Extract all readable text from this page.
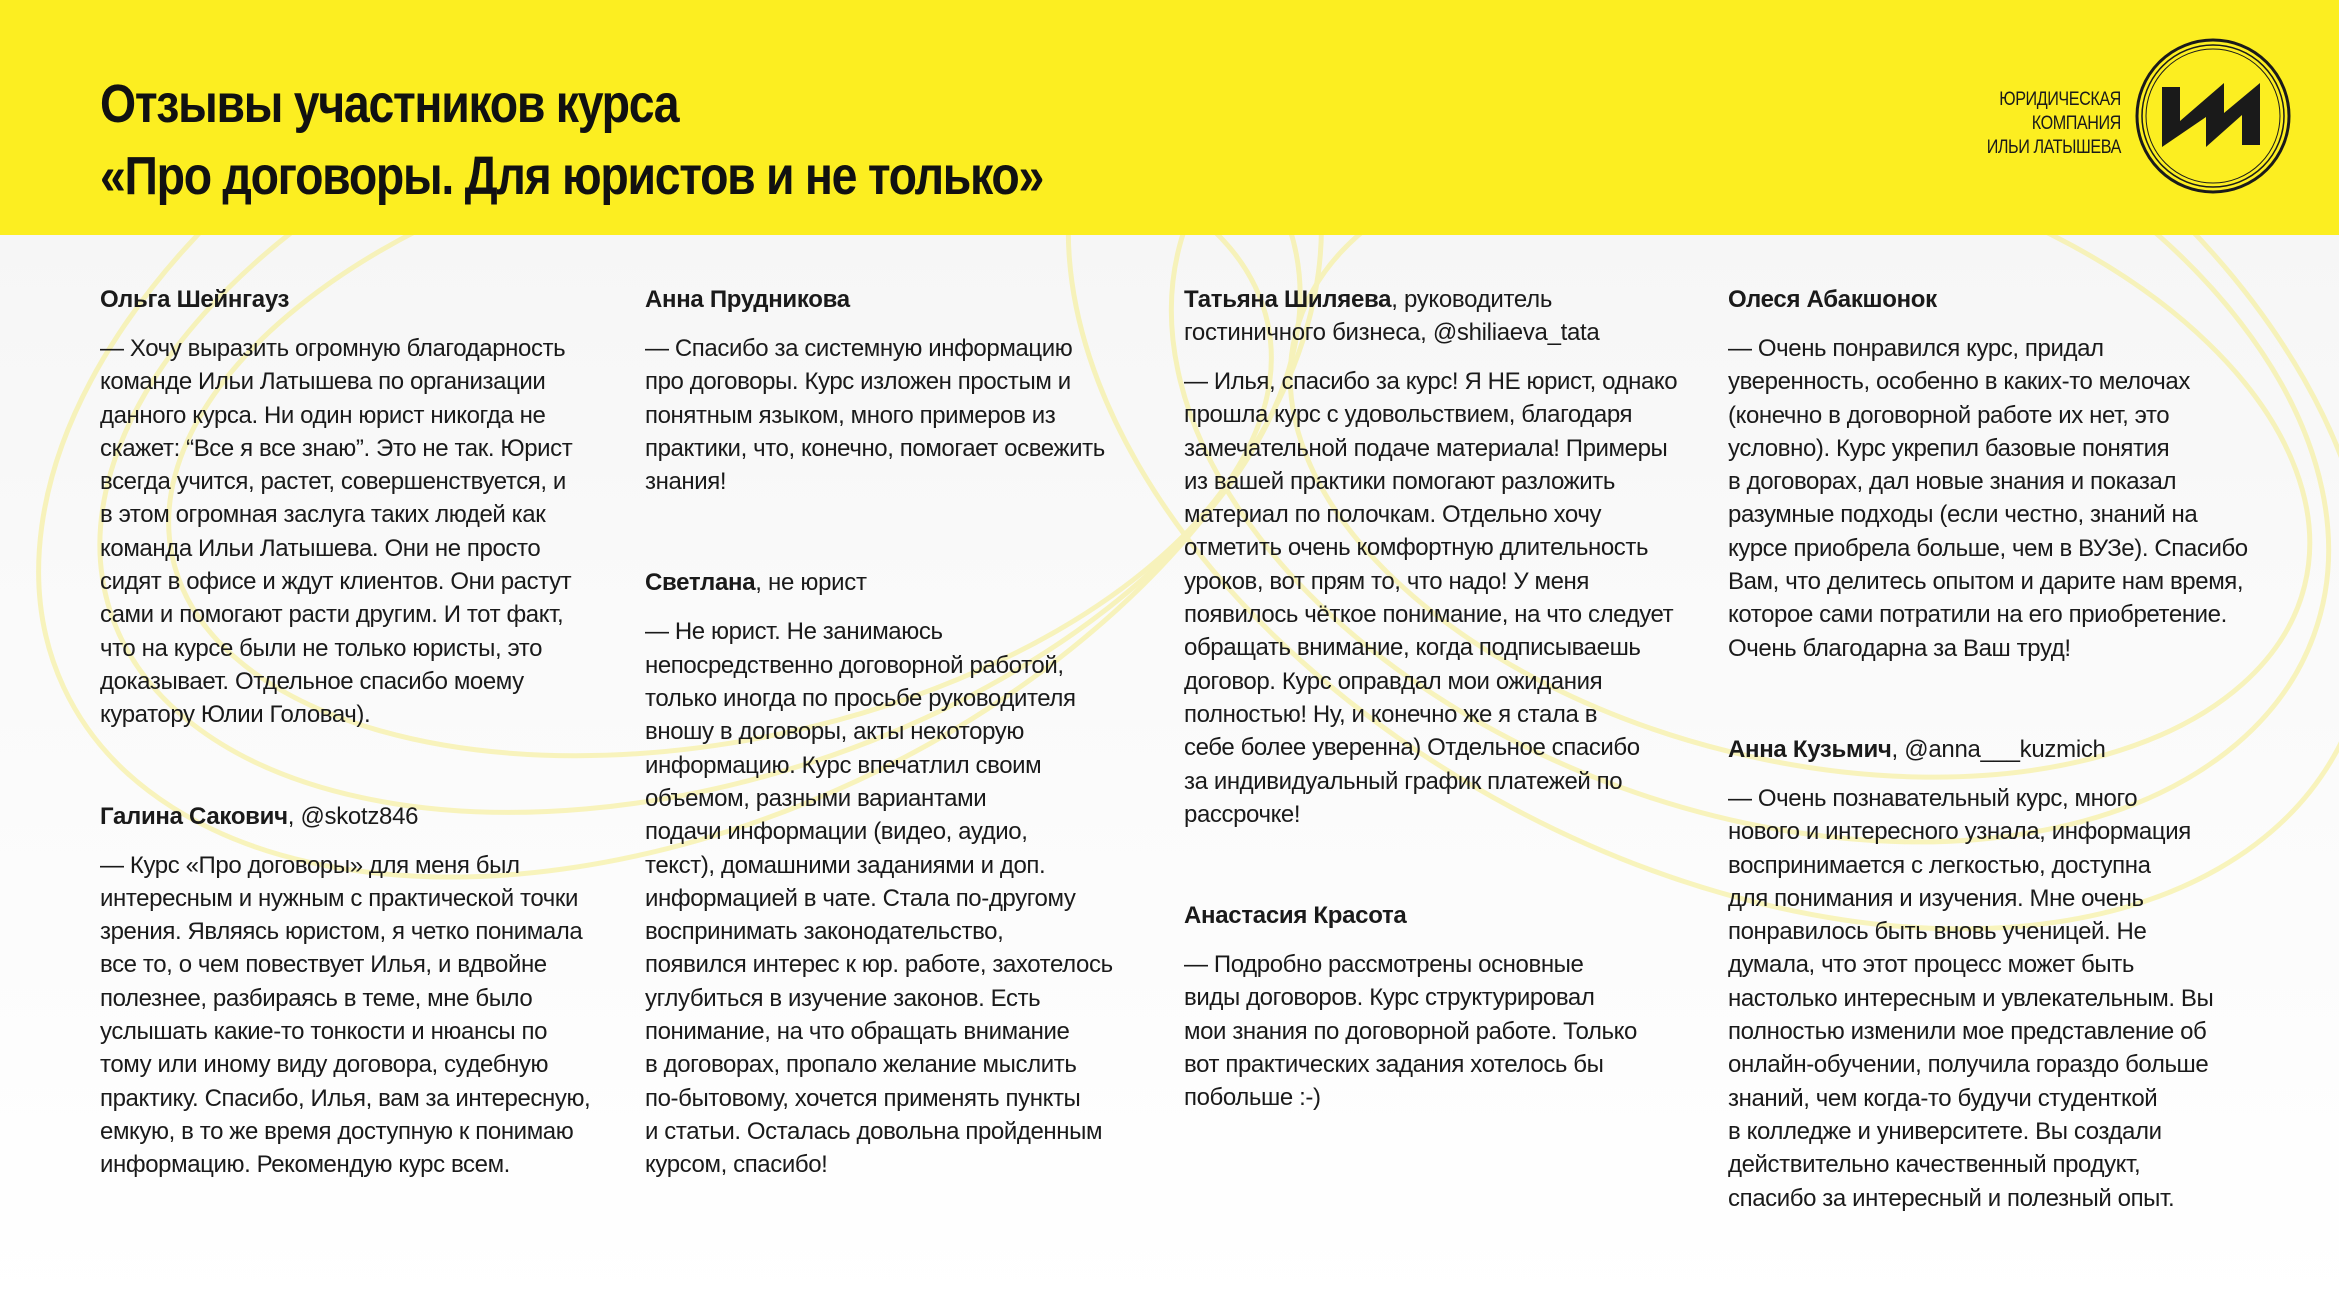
Отзывы участников курса
«Про договоры. Для юристов и не только»
ЮРИДИЧЕСКАЯ
КОМПАНИЯ
ИЛЬИ ЛАТЫШЕВА

Ольга Шейнгауз

— Хочу выразить огромную благодарность
команде Ильи Латышева по организации
данного курса. Ни один юрист никогда не
скажет: “Все я все знаю”. Это не так. Юрист
всегда учится, растет, совершенствуется, и
в этом огромная заслуга таких людей как
команда Ильи Латышева. Они не просто
сидят в офисе и ждут клиентов. Они растут
сами и помогают расти другим. И тот факт,
что на курсе были не только юристы, это
доказывает. Отдельное спасибо моему
куратору Юлии Головач).

Галина Сакович, @skotz846

— Курс «Про договоры» для меня был
интересным и нужным с практической точки
зрения. Являясь юристом, я четко понимала
все то, о чем повествует Илья, и вдвойне
полезнее, разбираясь в теме, мне было
услышать какие-то тонкости и нюансы по
тому или иному виду договора, судебную
практику. Спасибо, Илья, вам за интересную,
емкую, в то же время доступную к понимаю
информацию. Рекомендую курс всем.

Анна Прудникова

— Спасибо за системную информацию
про договоры. Курс изложен простым и
понятным языком, много примеров из
практики, что, конечно, помогает освежить
знания!

Светлана, не юрист

— Не юрист. Не занимаюсь
непосредственно договорной работой,
только иногда по просьбе руководителя
вношу в договоры, акты некоторую
информацию. Курс впечатлил своим
объемом, разными вариантами
подачи информации (видео, аудио,
текст), домашними заданиями и доп.
информацией в чате. Стала по-другому
воспринимать законодательство,
появился интерес к юр. работе, захотелось
углубиться в изучение законов. Есть
понимание, на что обращать внимание
в договорах, пропало желание мыслить
по-бытовому, хочется применять пункты
и статьи. Осталась довольна пройденным
курсом, спасибо!

Татьяна Шиляева, руководитель
гостиничного бизнеса, @shiliaeva_tata

— Илья, спасибо за курс! Я НЕ юрист, однако
прошла курс с удовольствием, благодаря
замечательной подаче материала! Примеры
из вашей практики помогают разложить
материал по полочкам. Отдельно хочу
отметить очень комфортную длительность
уроков, вот прям то, что надо! У меня
появилось чёткое понимание, на что следует
обращать внимание, когда подписываешь
договор. Курс оправдал мои ожидания
полностью! Ну, и конечно же я стала в
себе более уверенна) Отдельное спасибо
за индивидуальный график платежей по
рассрочке!

Анастасия Красота

— Подробно рассмотрены основные
виды договоров. Курс структурировал
мои знания по договорной работе. Только
вот практических задания хотелось бы
побольше :-)

Олеся Абакшонок

— Очень понравился курс, придал
уверенность, особенно в каких-то мелочах
(конечно в договорной работе их нет, это
условно). Курс укрепил базовые понятия
в договорах, дал новые знания и показал
разумные подходы (если честно, знаний на
курсе приобрела больше, чем в ВУЗе). Спасибо
Вам, что делитесь опытом и дарите нам время,
которое сами потратили на его приобретение.
Очень благодарна за Ваш труд!

Анна Кузьмич, @anna___kuzmich

— Очень познавательный курс, много
нового и интересного узнала, информация
воспринимается с легкостью, доступна
для понимания и изучения. Мне очень
понравилось быть вновь ученицей. Не
думала, что этот процесс может быть
настолько интересным и увлекательным. Вы
полностью изменили мое представление об
онлайн-обучении, получила гораздо больше
знаний, чем когда-то будучи студенткой
в колледже и университете. Вы создали
действительно качественный продукт,
спасибо за интересный и полезный опыт.
